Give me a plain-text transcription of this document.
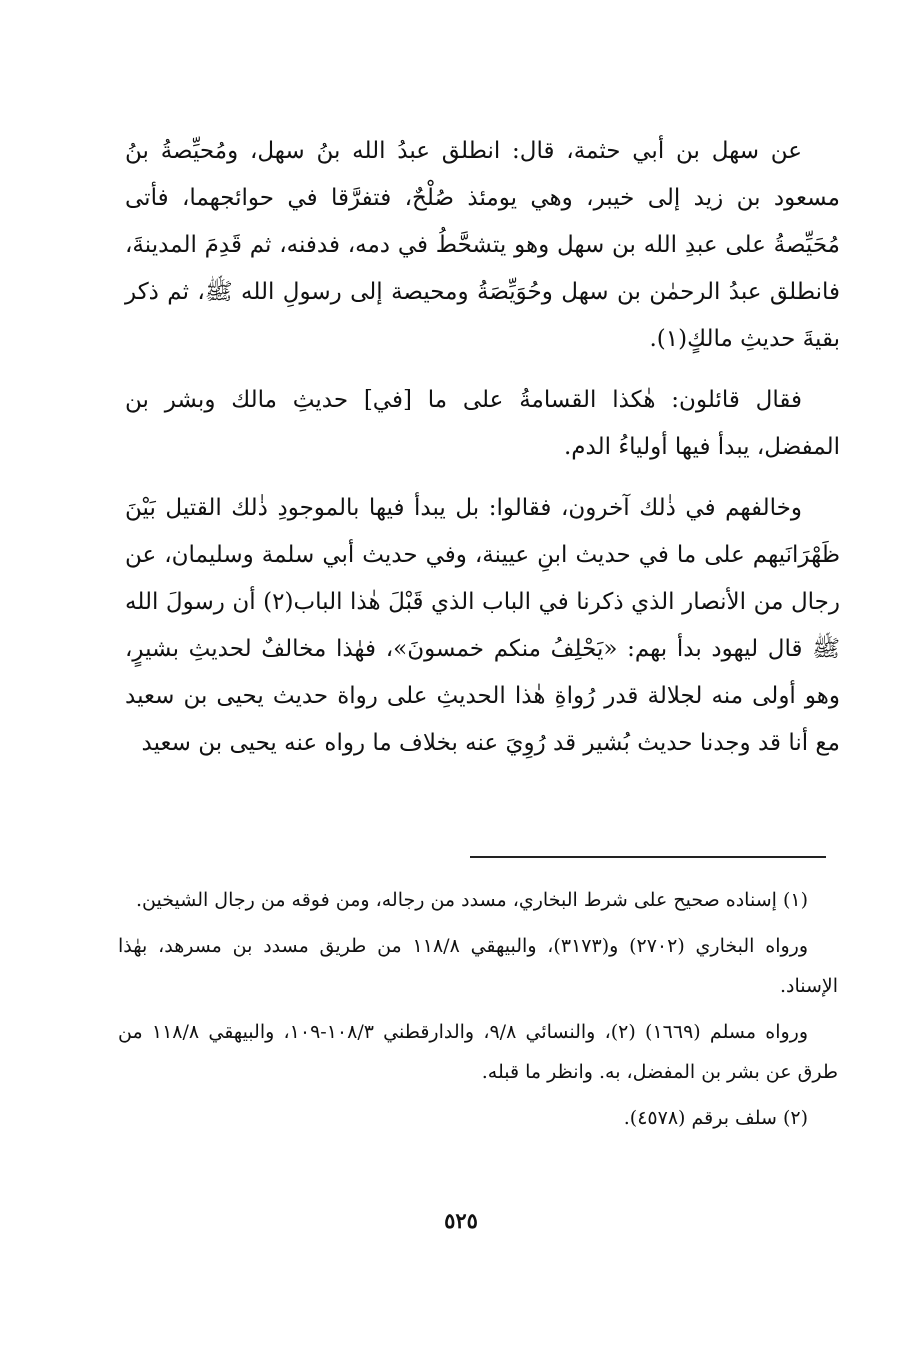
عن سهل بن أبي حثمة، قال: انطلق عبدُ الله بنُ سهل، ومُحيِّصةُ بنُ مسعود بن زيد إلى خيبر، وهي يومئذ صُلْحٌ، فتفرَّقا في حوائجهما، فأتى مُحَيِّصةُ على عبدِ الله بن سهل وهو يتشحَّطُ في دمه، فدفنه، ثم قَدِمَ المدينةَ، فانطلق عبدُ الرحمٰن بن سهل وحُوَيِّصَةُ ومحيصة إلى رسولِ الله ﷺ، ثم ذكر بقيةَ حديثِ مالكٍ(١).

فقال قائلون: هٰكذا القسامةُ على ما [في] حديثِ مالك وبشر بن المفضل، يبدأ فيها أولياءُ الدم.

وخالفهم في ذٰلك آخرون، فقالوا: بل يبدأ فيها بالموجودِ ذٰلك القتيل بَيْنَ ظَهْرَانَيهم على ما في حديث ابنِ عيينة، وفي حديث أبي سلمة وسليمان، عن رجال من الأنصار الذي ذكرنا في الباب الذي قَبْلَ هٰذا الباب(٢) أن رسولَ الله ﷺ قال ليهود بدأ بهم: «يَحْلِفُ منكم خمسونَ»، فهٰذا مخالفٌ لحديثِ بشيرٍ، وهو أولى منه لجلالة قدر رُواةِ هٰذا الحديثِ على رواة حديث يحيى بن سعيد مع أنا قد وجدنا حديث بُشير قد رُوِيَ عنه بخلاف ما رواه عنه يحيى بن سعيد

(١) إسناده صحيح على شرط البخاري، مسدد من رجاله، ومن فوقه من رجال الشيخين.

ورواه البخاري (٢٧٠٢) و(٣١٧٣)، والبيهقي ١١٨/٨ من طريق مسدد بن مسرهد، بهٰذا الإسناد.

ورواه مسلم (١٦٦٩) (٢)، والنسائي ٩/٨، والدارقطني ١٠٨/٣-١٠٩، والبيهقي ١١٨/٨ من طرق عن بشر بن المفضل، به. وانظر ما قبله.

(٢) سلف برقم (٤٥٧٨).

٥٢٥
